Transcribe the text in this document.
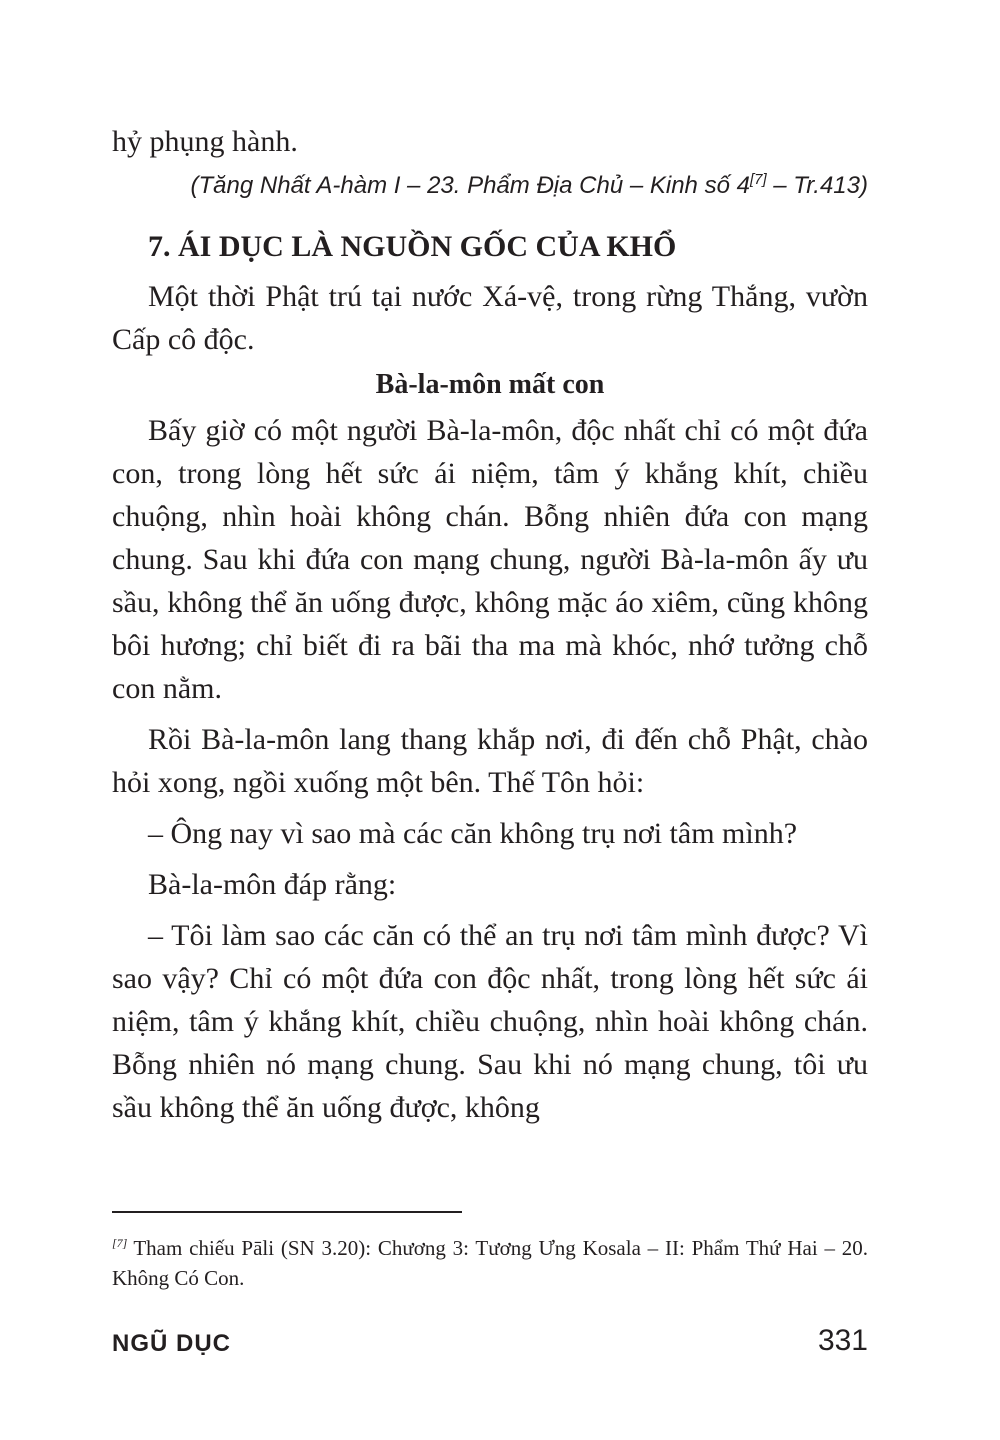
hỷ phụng hành.

(Tăng Nhất A-hàm I – 23. Phẩm Địa Chủ – Kinh số 4[7] – Tr.413)

7. ÁI DỤC LÀ NGUỒN GỐC CỦA KHỔ

Một thời Phật trú tại nước Xá-vệ, trong rừng Thắng, vườn Cấp cô độc.

Bà-la-môn mất con

Bấy giờ có một người Bà-la-môn, độc nhất chỉ có một đứa con, trong lòng hết sức ái niệm, tâm ý khắng khít, chiều chuộng, nhìn hoài không chán. Bỗng nhiên đứa con mạng chung. Sau khi đứa con mạng chung, người Bà-la-môn ấy ưu sầu, không thể ăn uống được, không mặc áo xiêm, cũng không bôi hương; chỉ biết đi ra bãi tha ma mà khóc, nhớ tưởng chỗ con nằm.

Rồi Bà-la-môn lang thang khắp nơi, đi đến chỗ Phật, chào hỏi xong, ngồi xuống một bên. Thế Tôn hỏi:

– Ông nay vì sao mà các căn không trụ nơi tâm mình?

Bà-la-môn đáp rằng:

– Tôi làm sao các căn có thể an trụ nơi tâm mình được? Vì sao vậy? Chỉ có một đứa con độc nhất, trong lòng hết sức ái niệm, tâm ý khắng khít, chiều chuộng, nhìn hoài không chán. Bỗng nhiên nó mạng chung. Sau khi nó mạng chung, tôi ưu sầu không thể ăn uống được, không

[7] Tham chiếu Pāli (SN 3.20): Chương 3: Tương Ưng Kosala – II: Phẩm Thứ Hai – 20. Không Có Con.
NGŨ DỤC	331
